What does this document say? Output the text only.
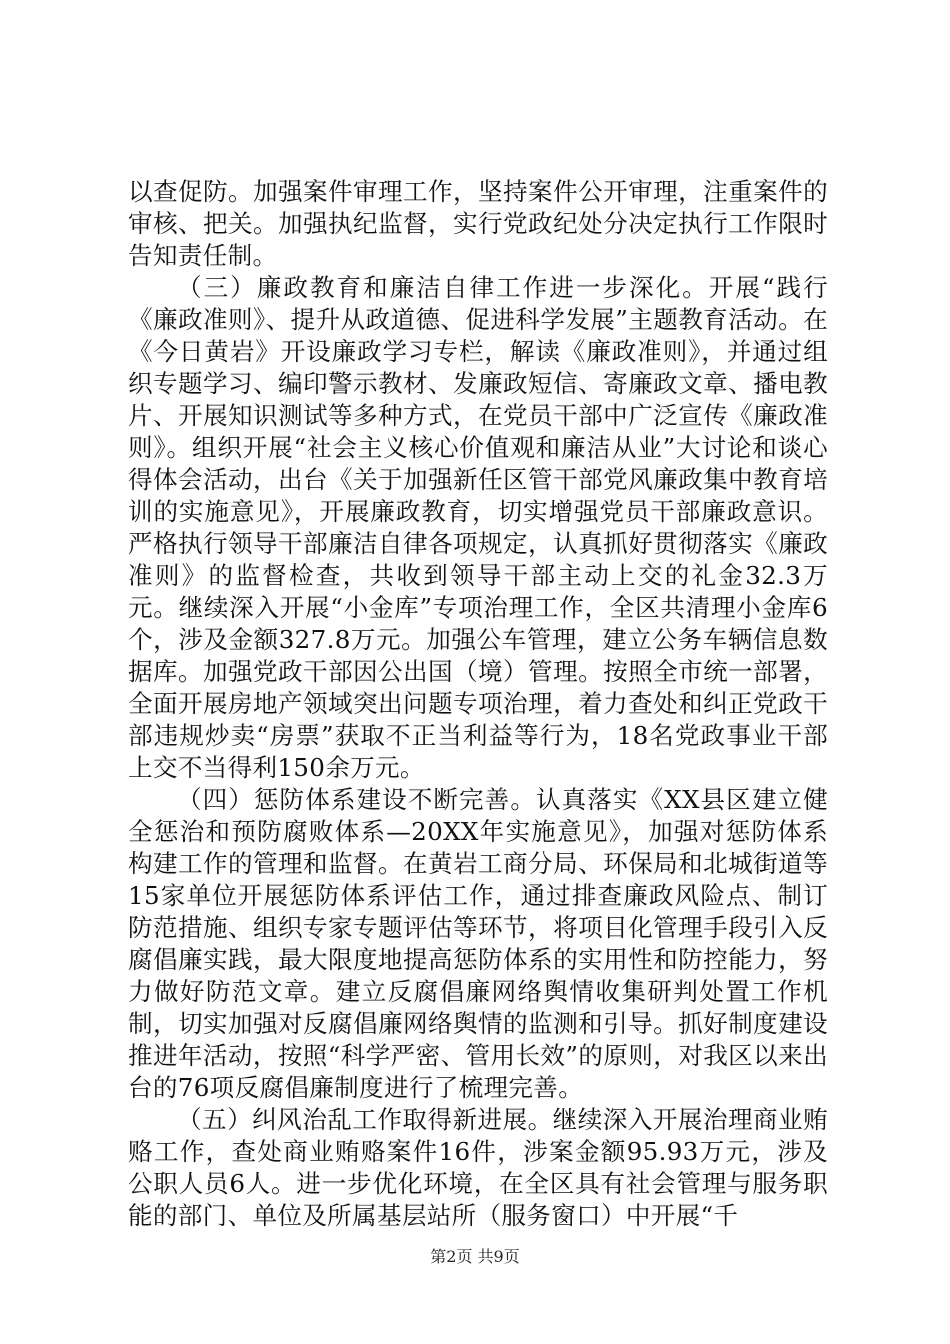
以查促防。加强案件审理工作，坚持案件公开审理，注重案件的审核、把关。加强执纪监督，实行党政纪处分决定执行工作限时告知责任制。

（三）廉政教育和廉洁自律工作进一步深化。开展“践行《廉政准则》、提升从政道德、促进科学发展”主题教育活动。在《今日黄岩》开设廉政学习专栏，解读《廉政准则》，并通过组织专题学习、编印警示教材、发廉政短信、寄廉政文章、播电教片、开展知识测试等多种方式，在党员干部中广泛宣传《廉政准则》。组织开展“社会主义核心价值观和廉洁从业”大讨论和谈心得体会活动，出台《关于加强新任区管干部党风廉政集中教育培训的实施意见》，开展廉政教育，切实增强党员干部廉政意识。严格执行领导干部廉洁自律各项规定，认真抓好贯彻落实《廉政准则》的监督检查，共收到领导干部主动上交的礼金32.3万元。继续深入开展“小金库”专项治理工作，全区共清理小金库6个，涉及金额327.8万元。加强公车管理，建立公务车辆信息数据库。加强党政干部因公出国（境）管理。按照全市统一部署，全面开展房地产领域突出问题专项治理，着力查处和纠正党政干部违规炒卖“房票”获取不正当利益等行为，18名党政事业干部上交不当得利150余万元。

（四）惩防体系建设不断完善。认真落实《XX县区建立健全惩治和预防腐败体系—20XX年实施意见》，加强对惩防体系构建工作的管理和监督。在黄岩工商分局、环保局和北城街道等15家单位开展惩防体系评估工作，通过排查廉政风险点、制订防范措施、组织专家专题评估等环节，将项目化管理手段引入反腐倡廉实践，最大限度地提高惩防体系的实用性和防控能力，努力做好防范文章。建立反腐倡廉网络舆情收集研判处置工作机制，切实加强对反腐倡廉网络舆情的监测和引导。抓好制度建设推进年活动，按照“科学严密、管用长效”的原则，对我区以来出台的76项反腐倡廉制度进行了梳理完善。

（五）纠风治乱工作取得新进展。继续深入开展治理商业贿赂工作，查处商业贿赂案件16件，涉案金额95.93万元，涉及公职人员6人。进一步优化环境，在全区具有社会管理与服务职能的部门、单位及所属基层站所（服务窗口）中开展“千

第2页 共9页
